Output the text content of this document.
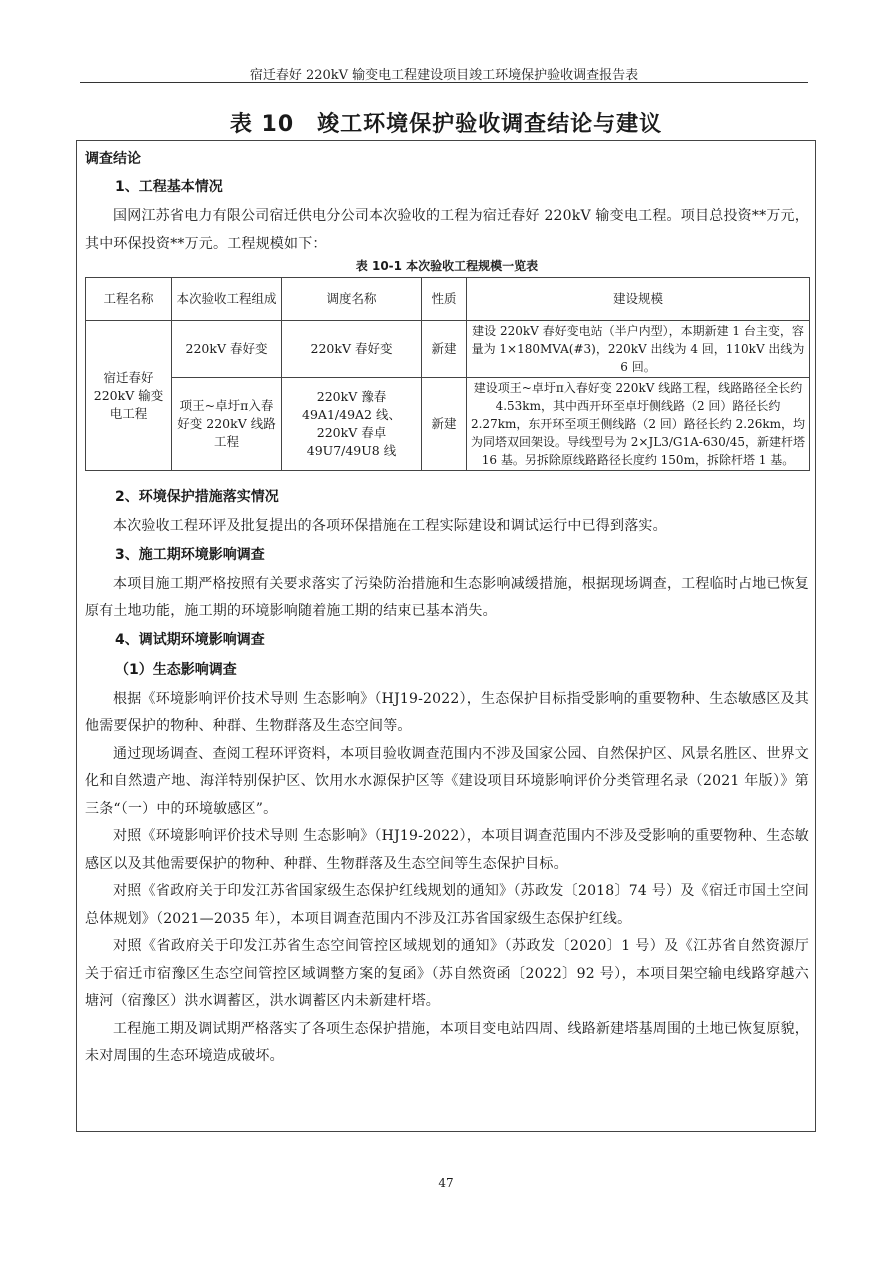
宿迁春好 220kV 输变电工程建设项目竣工环境保护验收调查报告表
表 10　竣工环境保护验收调查结论与建议
调查结论
1、工程基本情况

国网江苏省电力有限公司宿迁供电分公司本次验收的工程为宿迁春好 220kV 输变电工程。项目总投资**万元，其中环保投资**万元。工程规模如下：

表 10-1 本次验收工程规模一览表
工程名称	本次验收工程组成	调度名称	性质	建设规模
宿迁春好 220kV 输变电工程	220kV 春好变	220kV 春好变	新建	建设 220kV 春好变电站（半户内型），本期新建 1 台主变，容量为 1×180MVA(#3)，220kV 出线为 4 回，110kV 出线为 6 回。
	项王~卓圩π入春好变 220kV 线路工程	220kV 豫春 49A1/49A2 线、220kV 春卓 49U7/49U8 线	新建	建设项王~卓圩π入春好变 220kV 线路工程，线路路径全长约 4.53km，其中西开环至卓圩侧线路（2 回）路径长约 2.27km，东开环至项王侧线路（2 回）路径长约 2.26km，均为同塔双回架设。导线型号为 2×JL3/G1A-630/45，新建杆塔 16 基。另拆除原线路路径长度约 150m，拆除杆塔 1 基。
2、环境保护措施落实情况

本次验收工程环评及批复提出的各项环保措施在工程实际建设和调试运行中已得到落实。

3、施工期环境影响调查

本项目施工期严格按照有关要求落实了污染防治措施和生态影响减缓措施，根据现场调查，工程临时占地已恢复原有土地功能，施工期的环境影响随着施工期的结束已基本消失。

4、调试期环境影响调查
（1）生态影响调查

根据《环境影响评价技术导则 生态影响》（HJ19-2022），生态保护目标指受影响的重要物种、生态敏感区及其他需要保护的物种、种群、生物群落及生态空间等。

通过现场调查、查阅工程环评资料，本项目验收调查范围内不涉及国家公园、自然保护区、风景名胜区、世界文化和自然遗产地、海洋特别保护区、饮用水水源保护区等《建设项目环境影响评价分类管理名录（2021 年版）》第三条“（一）中的环境敏感区”。

对照《环境影响评价技术导则 生态影响》（HJ19-2022），本项目调查范围内不涉及受影响的重要物种、生态敏感区以及其他需要保护的物种、种群、生物群落及生态空间等生态保护目标。

对照《省政府关于印发江苏省国家级生态保护红线规划的通知》（苏政发〔2018〕74 号）及《宿迁市国土空间总体规划》（2021—2035 年），本项目调查范围内不涉及江苏省国家级生态保护红线。

对照《省政府关于印发江苏省生态空间管控区域规划的通知》（苏政发〔2020〕1 号）及《江苏省自然资源厅关于宿迁市宿豫区生态空间管控区域调整方案的复函》（苏自然资函〔2022〕92 号），本项目架空输电线路穿越六塘河（宿豫区）洪水调蓄区，洪水调蓄区内未新建杆塔。

工程施工期及调试期严格落实了各项生态保护措施，本项目变电站四周、线路新建塔基周围的土地已恢复原貌，未对周围的生态环境造成破坏。

47
